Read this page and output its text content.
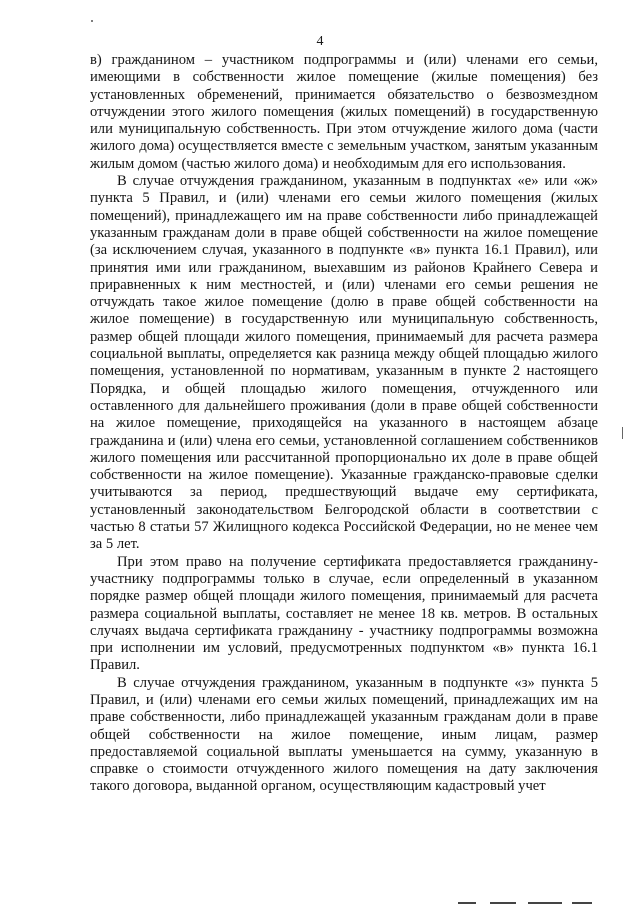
4

в) гражданином – участником подпрограммы и (или) членами его семьи, имеющими в собственности жилое помещение (жилые помещения) без установленных обременений, принимается обязательство о безвозмездном отчуждении этого жилого помещения (жилых помещений) в государственную или муниципальную собственность. При этом отчуждение жилого дома (части жилого дома) осуществляется вместе с земельным участком, занятым указанным жилым домом (частью жилого дома) и необходимым для его использования.

В случае отчуждения гражданином, указанным в подпунктах «е» или «ж» пункта 5 Правил, и (или) членами его семьи жилого помещения (жилых помещений), принадлежащего им на праве собственности либо принадлежащей указанным гражданам доли в праве общей собственности на жилое помещение (за исключением случая, указанного в подпункте «в» пункта 16.1 Правил), или принятия ими или гражданином, выехавшим из районов Крайнего Севера и приравненных к ним местностей, и (или) членами его семьи решения не отчуждать такое жилое помещение (долю в праве общей собственности на жилое помещение) в государственную или муниципальную собственность, размер общей площади жилого помещения, принимаемый для расчета размера социальной выплаты, определяется как разница между общей площадью жилого помещения, установленной по нормативам, указанным в пункте 2 настоящего Порядка, и общей площадью жилого помещения, отчужденного или оставленного для дальнейшего проживания (доли в праве общей собственности на жилое помещение, приходящейся на указанного в настоящем абзаце гражданина и (или) члена его семьи, установленной соглашением собственников жилого помещения или рассчитанной пропорционально их доле в праве общей собственности на жилое помещение). Указанные гражданско-правовые сделки учитываются за период, предшествующий выдаче ему сертификата, установленный законодательством Белгородской области в соответствии с частью 8 статьи 57 Жилищного кодекса Российской Федерации, но не менее чем за 5 лет.

При этом право на получение сертификата предоставляется гражданину-участнику подпрограммы только в случае, если определенный в указанном порядке размер общей площади жилого помещения, принимаемый для расчета размера социальной выплаты, составляет не менее 18 кв. метров. В остальных случаях выдача сертификата гражданину - участнику подпрограммы возможна при исполнении им условий, предусмотренных подпунктом «в» пункта 16.1 Правил.

В случае отчуждения гражданином, указанным в подпункте «з» пункта 5 Правил, и (или) членами его семьи жилых помещений, принадлежащих им на праве собственности, либо принадлежащей указанным гражданам доли в праве общей собственности на жилое помещение, иным лицам, размер предоставляемой социальной выплаты уменьшается на сумму, указанную в справке о стоимости отчужденного жилого помещения на дату заключения такого договора, выданной органом, осуществляющим кадастровый учет
